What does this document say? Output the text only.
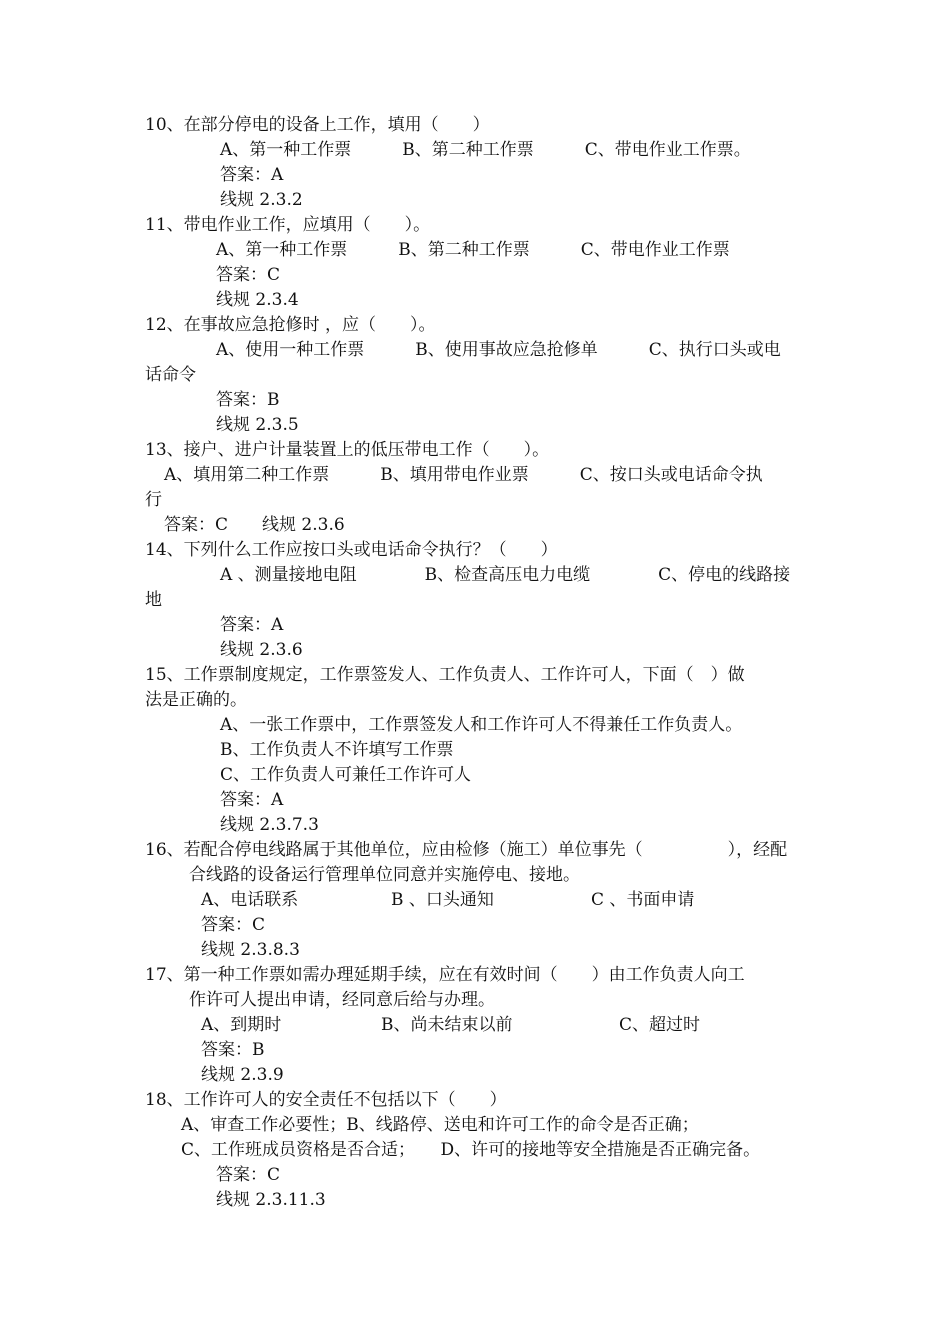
10、在部分停电的设备上工作，填用（　　）
A、第一种工作票　　　B、第二种工作票　　　C、带电作业工作票。
答案：A
线规 2.3.2
11、带电作业工作，应填用（　　）。
A、第一种工作票　　　B、第二种工作票　　　C、带电作业工作票
答案：C
线规 2.3.4
12、在事故应急抢修时 ，应（　　）。
A、使用一种工作票　　　B、使用事故应急抢修单　　　C、执行口头或电
话命令
答案：B
线规 2.3.5
13、接户、进户计量装置上的低压带电工作（　　）。
A、填用第二种工作票　　　B、填用带电作业票　　　C、按口头或电话命令执
行
答案：C　　线规 2.3.6
14、下列什么工作应按口头或电话命令执行？（　　）
A 、测量接地电阻　　　　B、检查高压电力电缆　　　　C、停电的线路接
地
答案：A
线规 2.3.6
15、工作票制度规定，工作票签发人、工作负责人、工作许可人，下面（　）做
法是正确的。
A、一张工作票中，工作票签发人和工作许可人不得兼任工作负责人。
B、工作负责人不许填写工作票
C、工作负责人可兼任工作许可人
答案：A
线规 2.3.7.3
16、若配合停电线路属于其他单位，应由检修（施工）单位事先（　　　　　），经配
合线路的设备运行管理单位同意并实施停电、接地。
A、电话联系	B 、口头通知	C 、书面申请
答案：C
线规 2.3.8.3
17、第一种工作票如需办理延期手续，应在有效时间（　　）由工作负责人向工
作许可人提出申请，经同意后给与办理。
A、到期时	B、尚未结束以前	C、超过时
答案：B
线规 2.3.9
18、工作许可人的安全责任不包括以下（　　）
A、审查工作必要性；B、线路停、送电和许可工作的命令是否正确；
C、工作班成员资格是否合适；　　D、许可的接地等安全措施是否正确完备。
答案：C
线规 2.3.11.3
